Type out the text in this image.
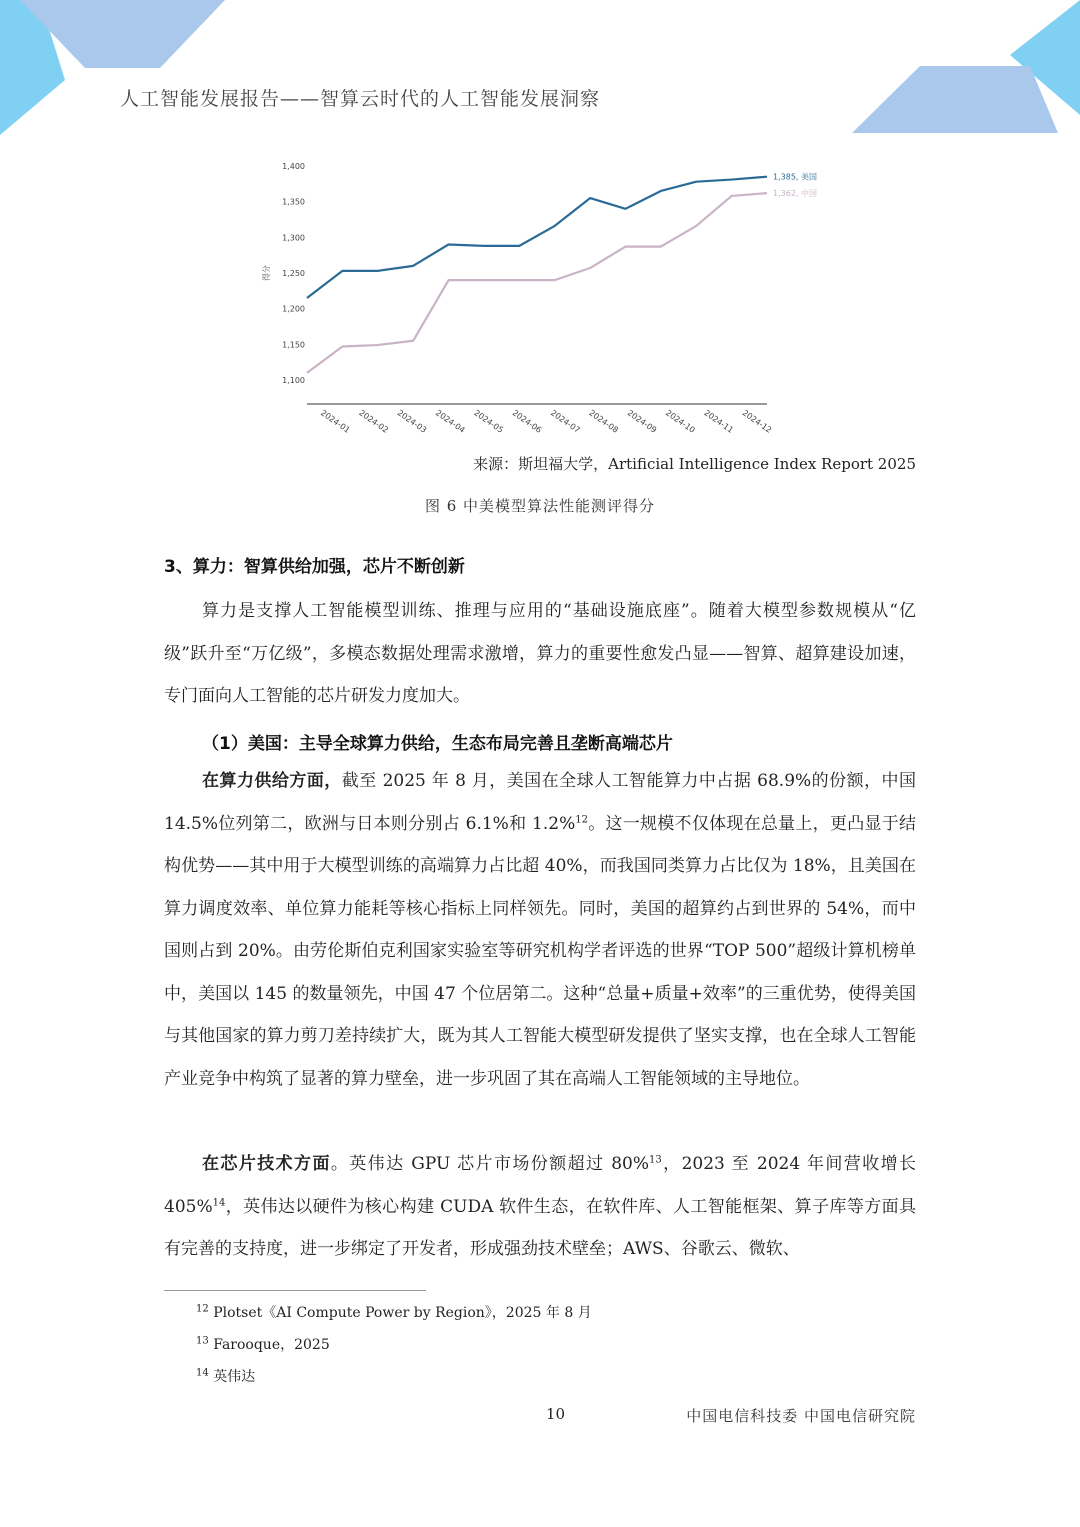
人工智能发展报告——智算云时代的人工智能发展洞察
得分
1,100
1,150
1,200
1,250
1,300
1,350
1,400
2024-01 2024-02 2024-03 2024-04 2024-05 2024-06 2024-07 2024-08 2024-09 2024-10 2024-11 2024-12
1,385, 美国
1,362, 中国
来源：斯坦福大学，Artificial Intelligence Index Report 2025
图 6 中美模型算法性能测评得分
3、算力：智算供给加强，芯片不断创新
算力是支撑人工智能模型训练、推理与应用的“基础设施底座”。随着大模型参数规模从“亿级”跃升至“万亿级”，多模态数据处理需求激增，算力的重要性愈发凸显——智算、超算建设加速，专门面向人工智能的芯片研发力度加大。
（1）美国：主导全球算力供给，生态布局完善且垄断高端芯片
在算力供给方面，截至 2025 年 8 月，美国在全球人工智能算力中占据 68.9%的份额，中国 14.5%位列第二，欧洲与日本则分别占 6.1%和 1.2%$^{12}$。这一规模不仅体现在总量上，更凸显于结构优势——其中用于大模型训练的高端算力占比超 40%，而我国同类算力占比仅为 18%，且美国在算力调度效率、单位算力能耗等核心指标上同样领先。同时，美国的超算约占到世界的 54%，而中国则占到 20%。由劳伦斯伯克利国家实验室等研究机构学者评选的世界“TOP 500”超级计算机榜单中，美国以 145 的数量领先，中国 47 个位居第二。这种“总量+质量+效率”的三重优势，使得美国与其他国家的算力剪刀差持续扩大，既为其人工智能大模型研发提供了坚实支撑，也在全球人工智能产业竞争中构筑了显著的算力壁垒，进一步巩固了其在高端人工智能领域的主导地位。
在芯片技术方面。英伟达 GPU 芯片市场份额超过 80%$^{13}$，2023 至 2024 年间营收增长 405%$^{14}$，英伟达以硬件为核心构建 CUDA 软件生态，在软件库、人工智能框架、算子库等方面具有完善的支持度，进一步绑定了开发者，形成强劲技术壁垒；AWS、谷歌云、微软、
$^{12}$ Plotset《AI Compute Power by Region》，2025 年 8 月
$^{13}$ Farooque，2025
$^{14}$ 英伟达
10	中国电信科技委 中国电信研究院
